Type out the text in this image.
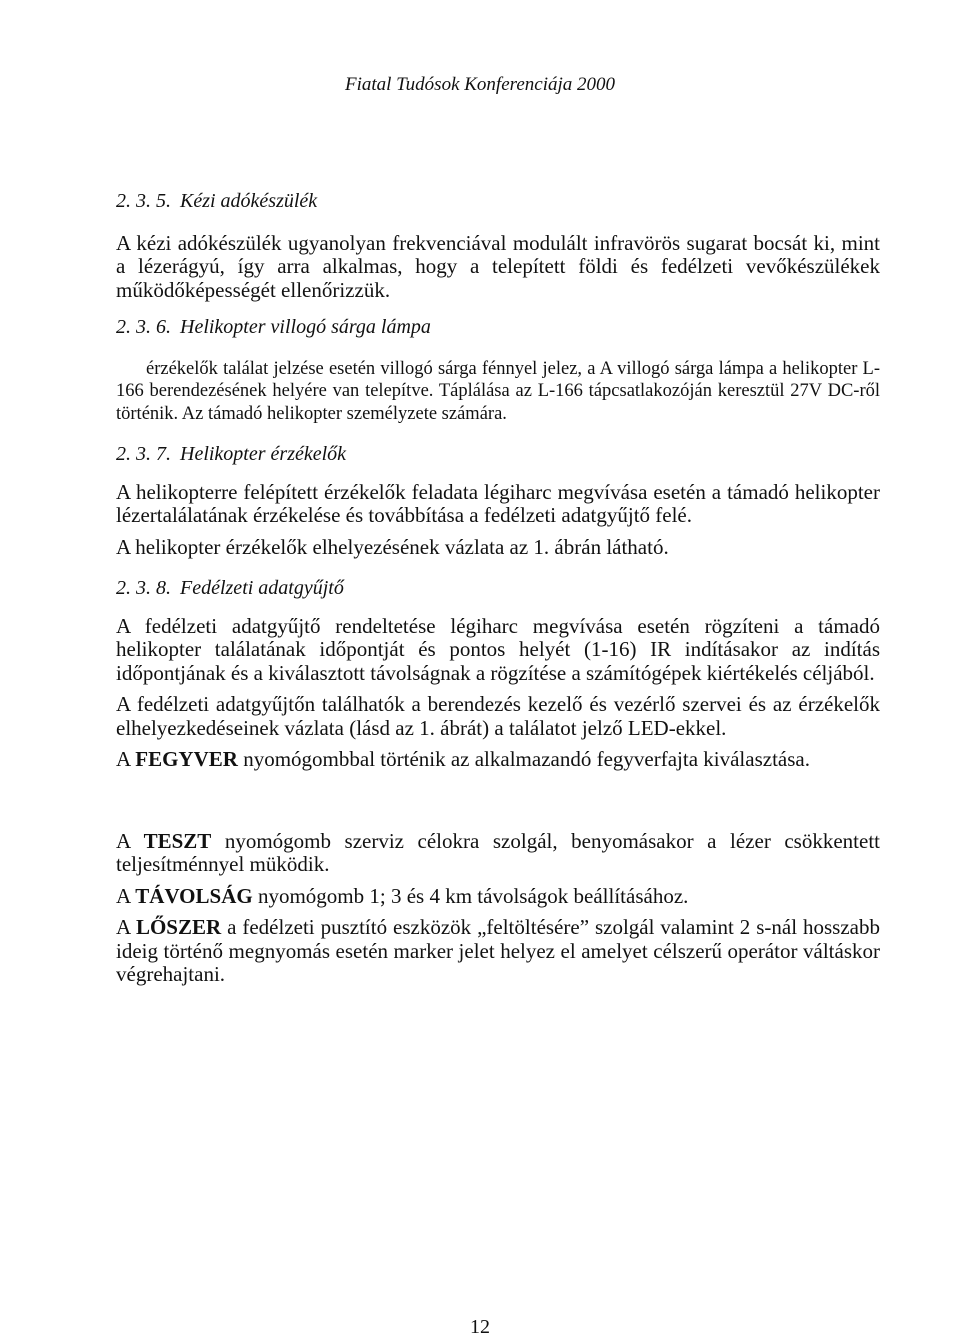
Fiatal Tudósok Konferenciája 2000
2. 3. 5. Kézi adókészülék

A kézi adókészülék ugyanolyan frekvenciával modulált infravörös sugarat bocsát ki, mint a lézerágyú, így arra alkalmas, hogy a telepített földi és fedélzeti vevőkészülékek működőképességét ellenőrizzük.

2. 3. 6. Helikopter villogó sárga lámpa

érzékelők találat jelzése esetén villogó sárga fénnyel jelez, a A villogó sárga lámpa a helikopter L-166 berendezésének helyére van telepítve. Táplálása az L-166 tápcsatlakozóján keresztül 27V DC-ről történik. Az támadó helikopter személyzete számára.

2. 3. 7. Helikopter érzékelők

A helikopterre felépített érzékelők feladata légiharc megvívása esetén a támadó helikopter lézertalálatának érzékelése és továbbítása a fedélzeti adatgyűjtő felé.

A helikopter érzékelők elhelyezésének vázlata az 1. ábrán látható.

2. 3. 8. Fedélzeti adatgyűjtő

A fedélzeti adatgyűjtő rendeltetése légiharc megvívása esetén rögzíteni a támadó helikopter találatának időpontját és pontos helyét (1-16) IR indításakor az indítás időpontjának és a kiválasztott távolságnak a rögzítése a számítógépek kiértékelés céljából.

A fedélzeti adatgyűjtőn találhatók a berendezés kezelő és vezérlő szervei és az érzékelők elhelyezkedéseinek vázlata (lásd az 1. ábrát) a találatot jelző LED-ekkel.

A FEGYVER nyomógombbal történik az alkalmazandó fegyverfajta kiválasztása.

A TESZT nyomógomb szerviz célokra szolgál, benyomásakor a lézer csökkentett teljesítménnyel müködik.

A TÁVOLSÁG nyomógomb 1; 3 és 4 km távolságok beállításához.

A LŐSZER a fedélzeti pusztító eszközök „feltöltésére” szolgál valamint 2 s-nál hosszabb ideig történő megnyomás esetén marker jelet helyez el amelyet célszerű operátor váltáskor végrehajtani.

12
